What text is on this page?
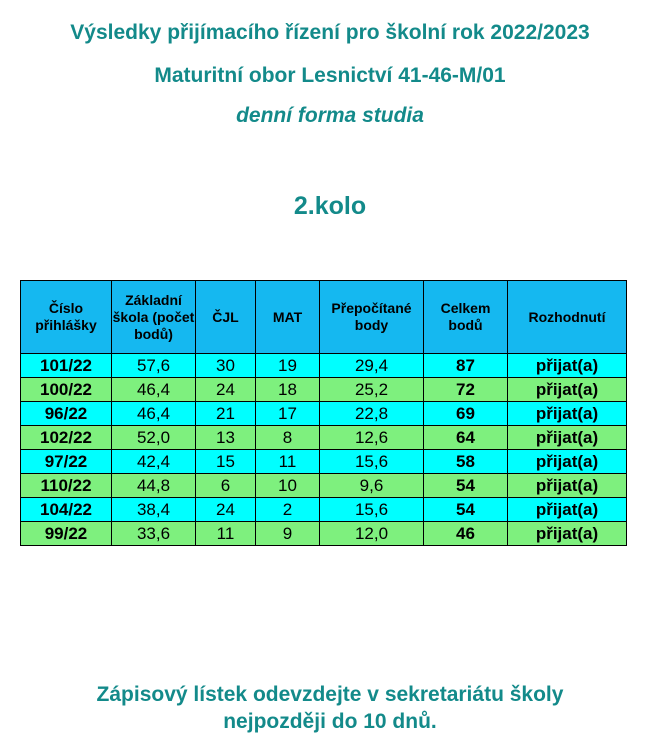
Výsledky přijímacího řízení pro školní rok 2022/2023
Maturitní obor Lesnictví 41-46-M/01
denní forma studia
2.kolo
Číslo přihlášky	Základní škola (počet bodů)	ČJL	MAT	Přepočítané body	Celkem bodů	Rozhodnutí
101/22	57,6	30	19	29,4	87	přijat(a)
100/22	46,4	24	18	25,2	72	přijat(a)
96/22	46,4	21	17	22,8	69	přijat(a)
102/22	52,0	13	8	12,6	64	přijat(a)
97/22	42,4	15	11	15,6	58	přijat(a)
110/22	44,8	6	10	9,6	54	přijat(a)
104/22	38,4	24	2	15,6	54	přijat(a)
99/22	33,6	11	9	12,0	46	přijat(a)
Zápisový lístek odevzdejte v sekretariátu školy
nejpozději do 10 dnů.
